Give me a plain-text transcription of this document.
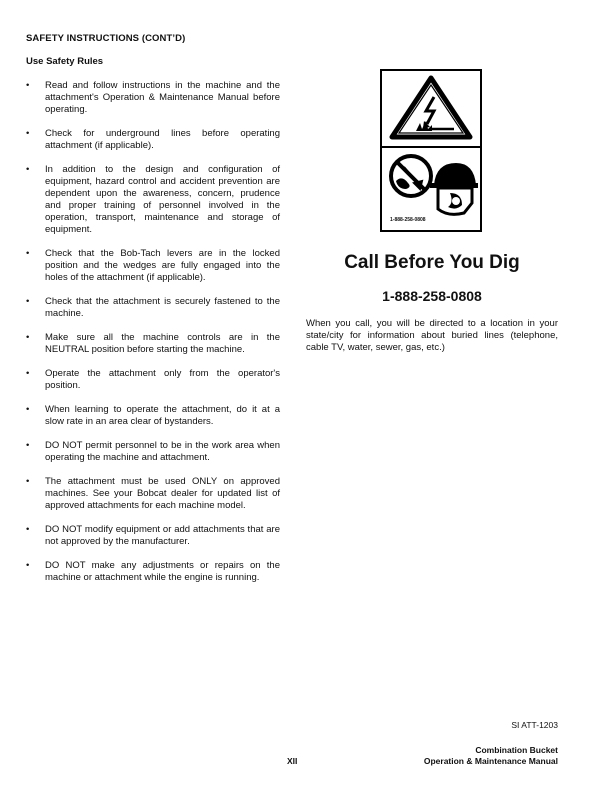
SAFETY INSTRUCTIONS (CONT’D)
Use Safety Rules
• Read and follow instructions in the machine and the attachment's Operation & Maintenance Manual before operating.
• Check for underground lines before operating attachment (if applicable).
• In addition to the design and configuration of equipment, hazard control and accident prevention are dependent upon the awareness, concern, prudence and proper training of personnel involved in the operation, transport, maintenance and storage of equipment.
• Check that the Bob-Tach levers are in the locked position and the wedges are fully engaged into the holes of the attachment (if applicable).
• Check that the attachment is securely fastened to the machine.
• Make sure all the machine controls are in the NEUTRAL position before starting the machine.
• Operate the attachment only from the operator's position.
• When learning to operate the attachment, do it at a slow rate in an area clear of bystanders.
• DO NOT permit personnel to be in the work area when operating the machine and attachment.
• The attachment must be used ONLY on approved machines. See your Bobcat dealer for updated list of approved attachments for each machine model.
• DO NOT modify equipment or add attachments that are not approved by the manufacturer.
• DO NOT make any adjustments or repairs on the machine or attachment while the engine is running.
1-888-258-0808
Call Before You Dig
1-888-258-0808
When you call, you will be directed to a location in your state/city for information about buried lines (telephone, cable TV, water, sewer, gas, etc.)
SI ATT-1203
XII
Combination Bucket
Operation & Maintenance Manual
